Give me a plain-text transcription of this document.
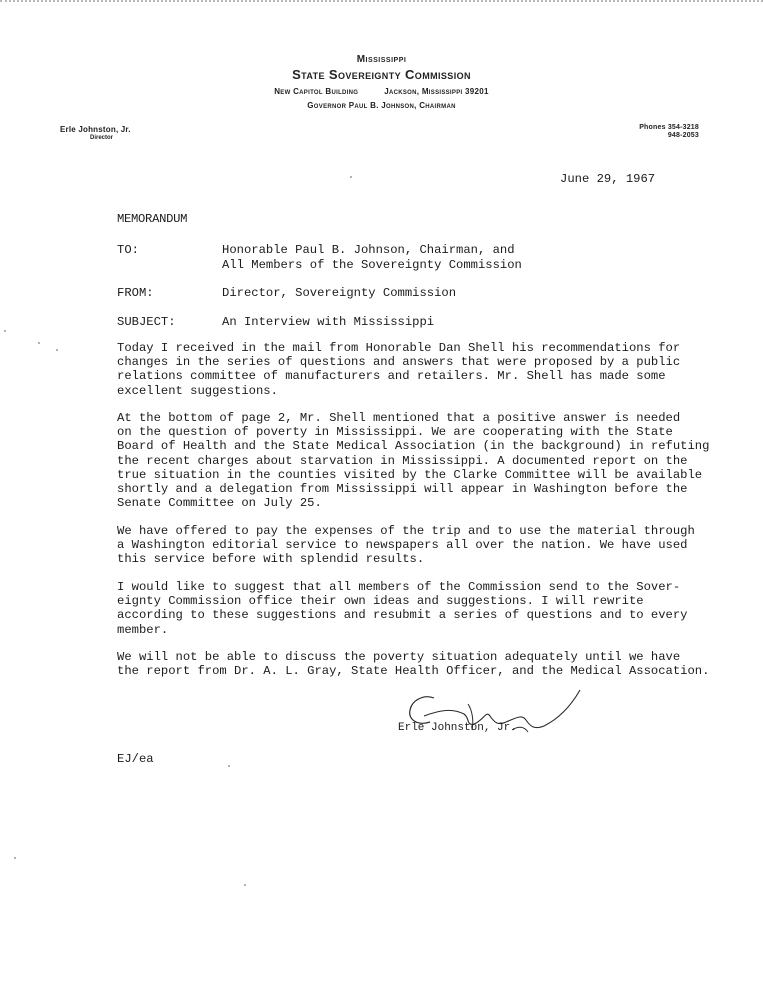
Mississippi
State Sovereignty Commission
New Capitol Building	Jackson, Mississippi 39201
Governor Paul B. Johnson, Chairman
Erle Johnston, Jr.
Director
Phones 354-3218
948-2053
June 29, 1967
MEMORANDUM
TO:	Honorable Paul B. Johnson, Chairman, and
All Members of the Sovereignty Commission
FROM:	Director, Sovereignty Commission
SUBJECT:	An Interview with Mississippi
Today I received in the mail from Honorable Dan Shell his recommendations for
changes in the series of questions and answers that were proposed by a public
relations committee of manufacturers and retailers. Mr. Shell has made some
excellent suggestions.
At the bottom of page 2, Mr. Shell mentioned that a positive answer is needed
on the question of poverty in Mississippi. We are cooperating with the State
Board of Health and the State Medical Association (in the background) in refuting
the recent charges about starvation in Mississippi. A documented report on the
true situation in the counties visited by the Clarke Committee will be available
shortly and a delegation from Mississippi will appear in Washington before the
Senate Committee on July 25.
We have offered to pay the expenses of the trip and to use the material through
a Washington editorial service to newspapers all over the nation. We have used
this service before with splendid results.
I would like to suggest that all members of the Commission send to the Sover-
eignty Commission office their own ideas and suggestions. I will rewrite
according to these suggestions and resubmit a series of questions and to every
member.
We will not be able to discuss the poverty situation adequately until we have
the report from Dr. A. L. Gray, State Health Officer, and the Medical Assocation.
Erle Johnston, Jr.
EJ/ea
